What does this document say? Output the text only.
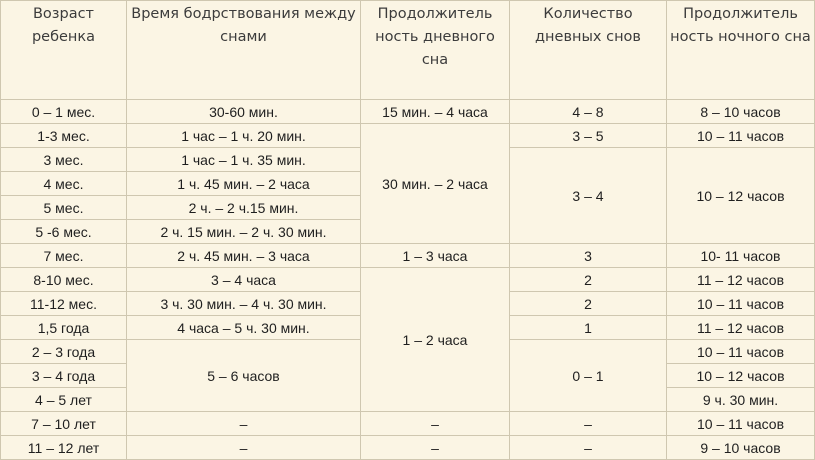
Возраст ребенка	Время бодрствования между снами	Продолжитель ность дневного сна	Количество дневных снов	Продолжитель ность ночного сна
0 – 1 мес.	30-60 мин.	15 мин. – 4 часа	4 – 8	8 – 10 часов
1-3 мес.	1 час – 1 ч. 20 мин.	30 мин. – 2 часа	3 – 5	10 – 11 часов
3 мес.	1 час – 1 ч. 35 мин.		3 – 4	10 – 12 часов
4 мес.	1 ч. 45 мин. – 2 часа			
5 мес.	2 ч. – 2 ч.15 мин.			
5 -6 мес.	2 ч. 15 мин. – 2 ч. 30 мин.			
7 мес.	2 ч. 45 мин. – 3 часа	1 – 3 часа	3	10- 11 часов
8-10 мес.	3 – 4 часа	1 – 2 часа	2	11 – 12 часов
11-12 мес.	3 ч. 30 мин. – 4 ч. 30 мин.		2	10 – 11 часов
1,5 года	4 часа – 5 ч. 30 мин.		1	11 – 12 часов
2 – 3 года	5 – 6 часов		0 – 1	10 – 11 часов
3 – 4 года				10 – 12 часов
4 – 5 лет				9 ч. 30 мин.
7 – 10 лет	–	–	–	10 – 11 часов
11 – 12 лет	–	–	–	9 – 10 часов
